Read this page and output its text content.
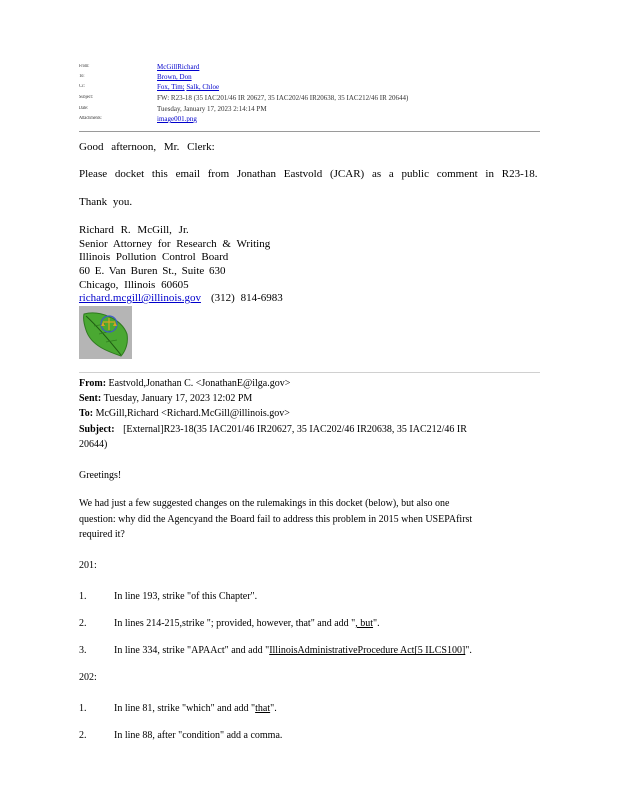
From:	McGillRichard
To:	Brown, Don
Cc:	Fox, Tim; Salk, Chloe
Subject:	FW: R23-18 (35 IAC201/46 IR 20627, 35 IAC202/46 IR20638, 35 IAC212/46 IR 20644)
Date:	Tuesday, January 17, 2023 2:14:14 PM
Attachments:	image001.png
Good afternoon, Mr. Clerk:
Please docket this email from Jonathan Eastvold (JCAR) as a public comment in R23-18.
Thank you.
Richard R. McGill, Jr.
Senior Attorney for Research & Writing
Illinois Pollution Control Board
60 E. Van Buren St., Suite 630
Chicago, Illinois 60605
richard.mcgill@illinois.gov (312) 814-6983
From: Eastvold,Jonathan C. <JonathanE@ilga.gov>
Sent: Tuesday, January 17, 2023 12:02 PM
To: McGill,Richard <Richard.McGill@illinois.gov>
Subject: [External]R23-18(35 IAC201/46 IR20627, 35 IAC202/46 IR20638, 35 IAC212/46 IR
20644)
Greetings!
We had just a few suggested changes on the rulemakings in this docket (below), but also one
question: why did the Agencyand the Board fail to address this problem in 2015 when USEPAfirst
required it?
201:
1.	In line 193, strike "of this Chapter".
2.	In lines 214-215,strike "; provided, however, that" and add ", but".
3.	In line 334, strike "APAAct" and add "IllinoisAdministrativeProcedure Act[5 ILCS100]".
202:
1.	In line 81, strike "which" and add "that".
2.	In line 88, after "condition" add a comma.
